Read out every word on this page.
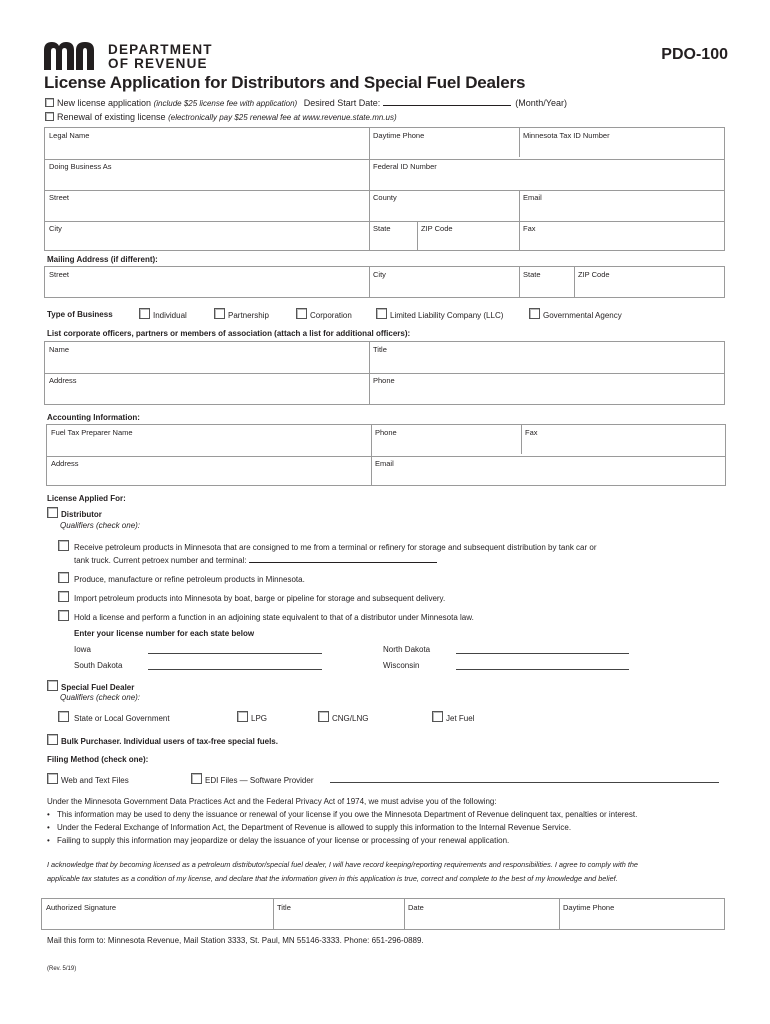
DEPARTMENT
OF REVENUE
PDO-100
License Application for Distributors and Special Fuel Dealers
New license application (include $25 license fee with application) Desired Start Date:	(Month/Year)
Renewal of existing license (electronically pay $25 renewal fee at www.revenue.state.mn.us)
Legal Name	Daytime Phone	Minnesota Tax ID Number
Doing Business As	Federal ID Number
Street	County	Email
City	State	ZIP Code	Fax
Mailing Address (if different):
Street	City	State	ZIP Code
Type of Business	Individual	Partnership	Corporation	Limited Liability Company (LLC)	Governmental Agency
List corporate officers, partners or members of association (attach a list for additional officers):
Name	Title
Address	Phone
Accounting Information:
Fuel Tax Preparer Name	Phone	Fax
Address	Email
License Applied For:
Distributor
Qualifiers (check one):
Receive petroleum products in Minnesota that are consigned to me from a terminal or refinery for storage and subsequent distribution by tank car or
tank truck. Current petroex number and terminal:
Produce, manufacture or refine petroleum products in Minnesota.
Import petroleum products into Minnesota by boat, barge or pipeline for storage and subsequent delivery.
Hold a license and perform a function in an adjoining state equivalent to that of a distributor under Minnesota law.
Enter your license number for each state below
Iowa	North Dakota
South Dakota	Wisconsin
Special Fuel Dealer
Qualifiers (check one):
State or Local Government	LPG	CNG/LNG	Jet Fuel
Bulk Purchaser. Individual users of tax-free special fuels.
Filing Method (check one):
Web and Text Files	EDI Files — Software Provider
Under the Minnesota Government Data Practices Act and the Federal Privacy Act of 1974, we must advise you of the following:
• This information may be used to deny the issuance or renewal of your license if you owe the Minnesota Department of Revenue delinquent tax, penalties or interest.
• Under the Federal Exchange of Information Act, the Department of Revenue is allowed to supply this information to the Internal Revenue Service.
• Failing to supply this information may jeopardize or delay the issuance of your license or processing of your renewal application.
I acknowledge that by becoming licensed as a petroleum distributor/special fuel dealer, I will have record keeping/reporting requirements and responsibilities. I agree to comply with the
applicable tax statutes as a condition of my license, and declare that the information given in this application is true, correct and complete to the best of my knowledge and belief.
Authorized Signature	Title	Date	Daytime Phone
Mail this form to: Minnesota Revenue, Mail Station 3333, St. Paul, MN 55146-3333. Phone: 651-296-0889.
(Rev. 5/19)
